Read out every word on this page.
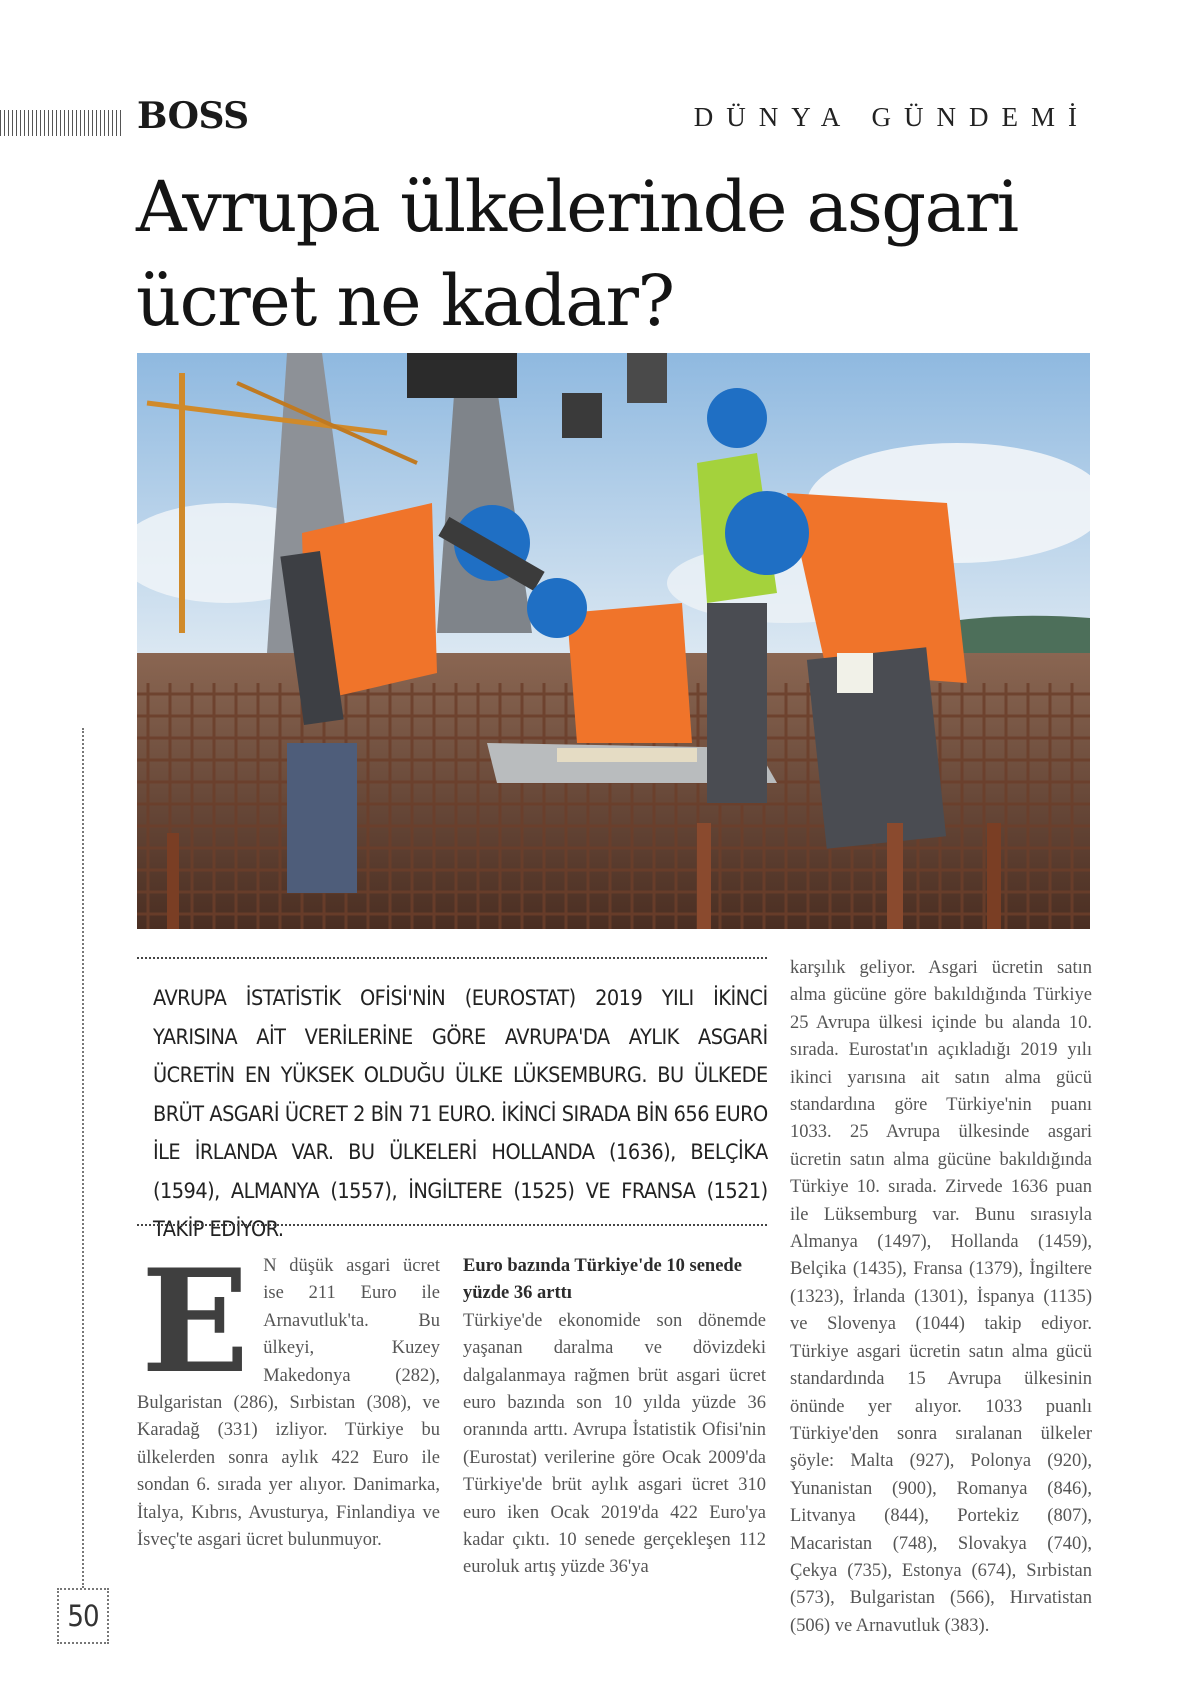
BOSS	DÜNYA GÜNDEMİ
Avrupa ülkelerinde asgari
ücret ne kadar?
50

AVRUPA İSTATİSTİK OFİSİ'NİN (EUROSTAT) 2019 YILI İKİNCİ YARISINA AİT VERİLERİNE GÖRE AVRUPA'DA AYLIK ASGARİ ÜCRETİN EN YÜKSEK OLDUĞU ÜLKE LÜKSEMBURG. BU ÜLKEDE BRÜT ASGARİ ÜCRET 2 BİN 71 EURO. İKİNCİ SIRADA BİN 656 EURO İLE İRLANDA VAR. BU ÜLKELERİ HOLLANDA (1636), BELÇİKA (1594), ALMANYA (1557), İNGİLTERE (1525) VE FRANSA (1521) TAKİP EDİYOR.

E N düşük asgari ücret ise 211 Euro ile Arnavutluk'ta. Bu ülkeyi, Kuzey Makedonya (282), Bulgaristan (286), Sırbistan (308), ve Karadağ (331) izliyor. Türkiye bu ülkelerden sonra aylık 422 Euro ile sondan 6. sırada yer alıyor. Danimarka, İtalya, Kıbrıs, Avusturya, Finlandiya ve İsveç'te asgari ücret bulunmuyor.

Euro bazında Türkiye'de 10 senede yüzde 36 arttı

Türkiye'de ekonomide son dönemde yaşanan daralma ve dövizdeki dalgalanmaya rağmen brüt asgari ücret euro bazında son 10 yılda yüzde 36 oranında arttı. Avrupa İstatistik Ofisi'nin (Eurostat) verilerine göre Ocak 2009'da Türkiye'de brüt aylık asgari ücret 310 euro iken Ocak 2019'da 422 Euro'ya kadar çıktı. 10 senede gerçekleşen 112 euroluk artış yüzde 36'ya

karşılık geliyor. Asgari ücretin satın alma gücüne göre bakıldığında Türkiye 25 Avrupa ülkesi içinde bu alanda 10. sırada. Eurostat'ın açıkladığı 2019 yılı ikinci yarısına ait satın alma gücü standardına göre Türkiye'nin puanı 1033. 25 Avrupa ülkesinde asgari ücretin satın alma gücüne bakıldığında Türkiye 10. sırada. Zirvede 1636 puan ile Lüksemburg var. Bunu sırasıyla Almanya (1497), Hollanda (1459), Belçika (1435), Fransa (1379), İngiltere (1323), İrlanda (1301), İspanya (1135) ve Slovenya (1044) takip ediyor. Türkiye asgari ücretin satın alma gücü standardında 15 Avrupa ülkesinin önünde yer alıyor. 1033 puanlı Türkiye'den sonra sıralanan ülkeler şöyle: Malta (927), Polonya (920), Yunanistan (900), Romanya (846), Litvanya (844), Portekiz (807), Macaristan (748), Slovakya (740), Çekya (735), Estonya (674), Sırbistan (573), Bulgaristan (566), Hırvatistan (506) ve Arnavutluk (383).
